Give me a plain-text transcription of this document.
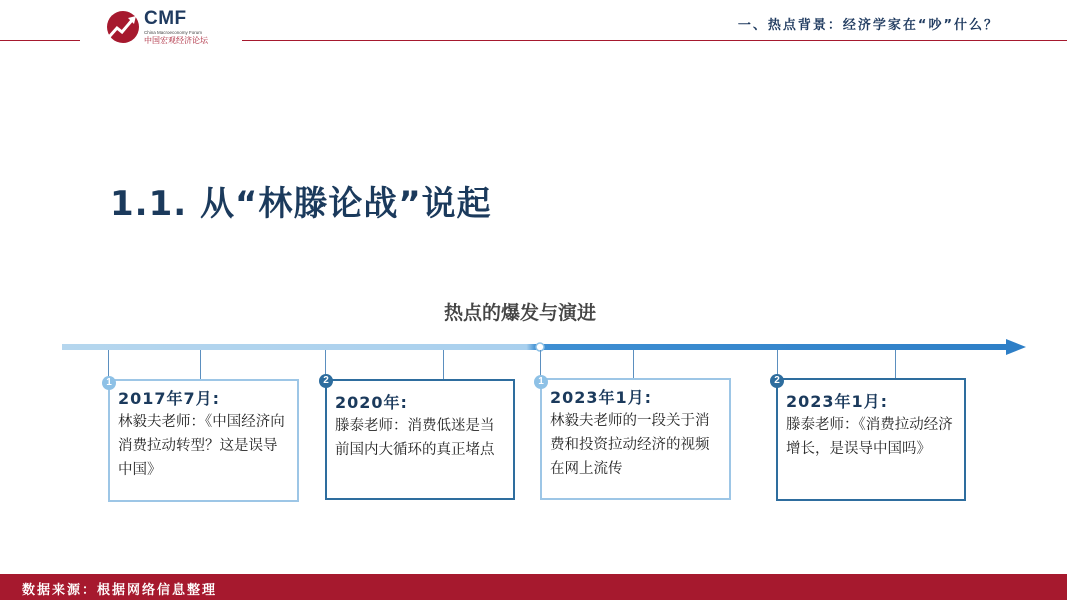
CMF
China Macroeconomy Forum
中国宏观经济论坛
一、热点背景：经济学家在“吵”什么？
1.1. 从“林滕论战”说起
热点的爆发与演进
2017年7月:
林毅夫老师：《中国经济向消费拉动转型？这是误导中国》
1
2020年:
滕泰老师：消费低迷是当前国内大循环的真正堵点
2
2023年1月:
林毅夫老师的一段关于消费和投资拉动经济的视频在网上流传
1
2023年1月:
滕泰老师：《消费拉动经济增长，是误导中国吗》
2
数据来源：根据网络信息整理
